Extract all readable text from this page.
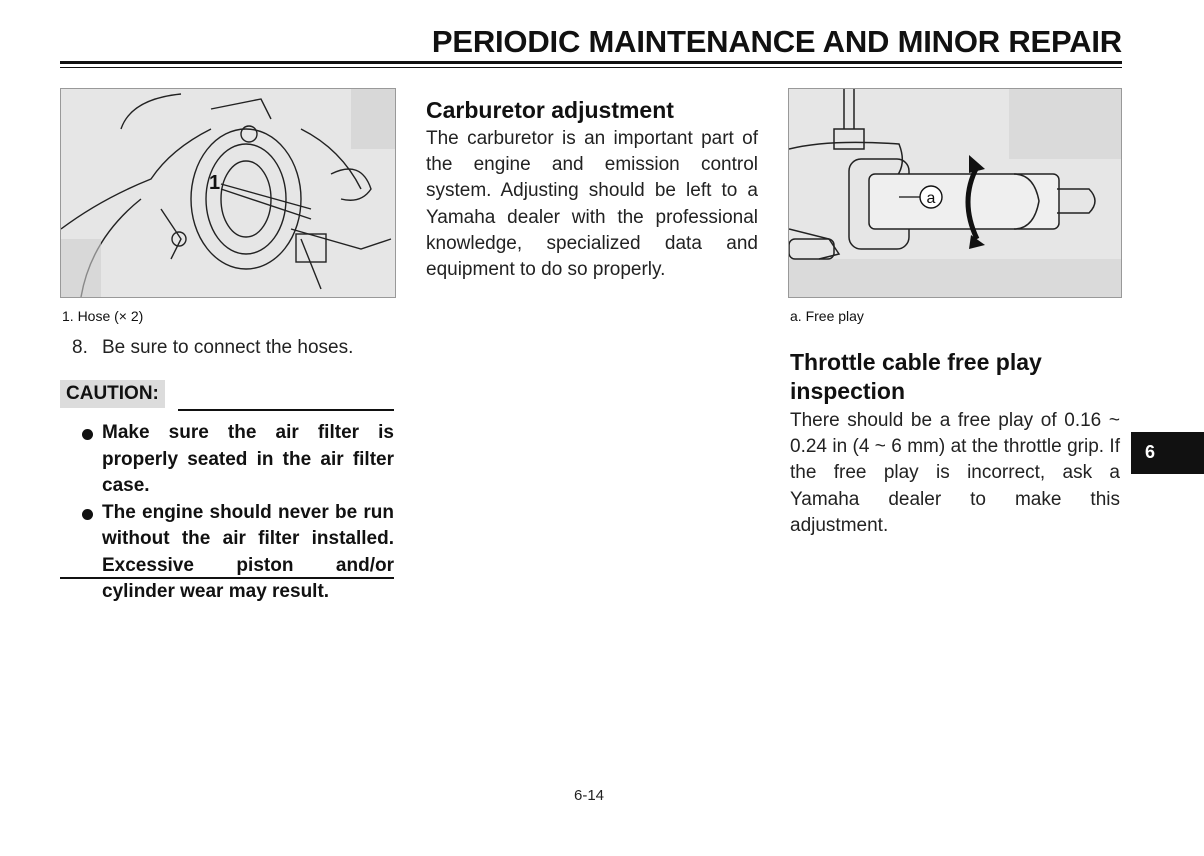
PERIODIC MAINTENANCE AND MINOR REPAIR
1
1. Hose (× 2)
8. Be sure to connect the hoses.
CAUTION:
Make sure the air filter is properly seated in the air filter case.
The engine should never be run without the air filter installed. Excessive piston and/or cylinder wear may result.
Carburetor adjustment
The carburetor is an important part of the engine and emission control system. Adjusting should be left to a Yamaha dealer with the professional knowledge, specialized data and equipment to do so properly.
a
a. Free play
Throttle cable free play inspection
There should be a free play of 0.16 ~ 0.24 in (4 ~ 6 mm) at the throttle grip. If the free play is incorrect, ask a Yamaha dealer to make this adjustment.
6
6-14
